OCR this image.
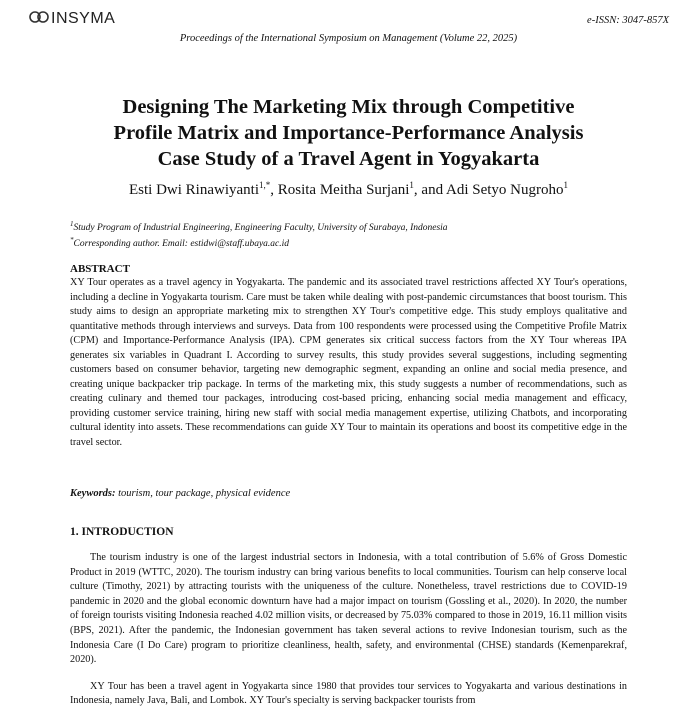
INSYMA	e-ISSN: 3047-857X
Proceedings of the International Symposium on Management (Volume 22, 2025)
Designing The Marketing Mix through Competitive
Profile Matrix and Importance-Performance Analysis
Case Study of a Travel Agent in Yogyakarta
Esti Dwi Rinawiyanti$^{1,*}$, Rosita Meitha Surjani$^1$, and Adi Setyo Nugroho$^1$
$^1$Study Program of Industrial Engineering, Engineering Faculty, University of Surabaya, Indonesia
*Corresponding author. Email: estidwi@staff.ubaya.ac.id
ABSTRACT
XY Tour operates as a travel agency in Yogyakarta. The pandemic and its associated travel restrictions affected XY Tour's operations, including a decline in Yogyakarta tourism. Care must be taken while dealing with post-pandemic circumstances that boost tourism. This study aims to design an appropriate marketing mix to strengthen XY Tour's competitive edge. This study employs qualitative and quantitative methods through interviews and surveys. Data from 100 respondents were processed using the Competitive Profile Matrix (CPM) and Importance-Performance Analysis (IPA). CPM generates six critical success factors from the XY Tour whereas IPA generates six variables in Quadrant I. According to survey results, this study provides several suggestions, including segmenting customers based on consumer behavior, targeting new demographic segment, expanding an online and social media presence, and creating unique backpacker trip package. In terms of the marketing mix, this study suggests a number of recommendations, such as creating culinary and themed tour packages, introducing cost-based pricing, enhancing social media management and efficacy, providing customer service training, hiring new staff with social media management expertise, utilizing Chatbots, and incorporating cultural identity into assets. These recommendations can guide XY Tour to maintain its operations and boost its competitive edge in the travel sector.
Keywords: tourism, tour package, physical evidence
1. INTRODUCTION

The tourism industry is one of the largest industrial sectors in Indonesia, with a total contribution of 5.6% of Gross Domestic Product in 2019 (WTTC, 2020). The tourism industry can bring various benefits to local communities. Tourism can help conserve local culture (Timothy, 2021) by attracting tourists with the uniqueness of the culture. Nonetheless, travel restrictions due to COVID-19 pandemic in 2020 and the global economic downturn have had a major impact on tourism (Gossling et al., 2020). In 2020, the number of foreign tourists visiting Indonesia reached 4.02 million visits, or decreased by 75.03% compared to those in 2019, 16.11 million visits (BPS, 2021). After the pandemic, the Indonesian government has taken several actions to revive Indonesian tourism, such as the Indonesia Care (I Do Care) program to prioritize cleanliness, health, safety, and environmental (CHSE) standards (Kemenparekraf, 2020).

XY Tour has been a travel agent in Yogyakarta since 1980 that provides tour services to Yogyakarta and various destinations in Indonesia, namely Java, Bali, and Lombok. XY Tour's specialty is serving backpacker tourists from
